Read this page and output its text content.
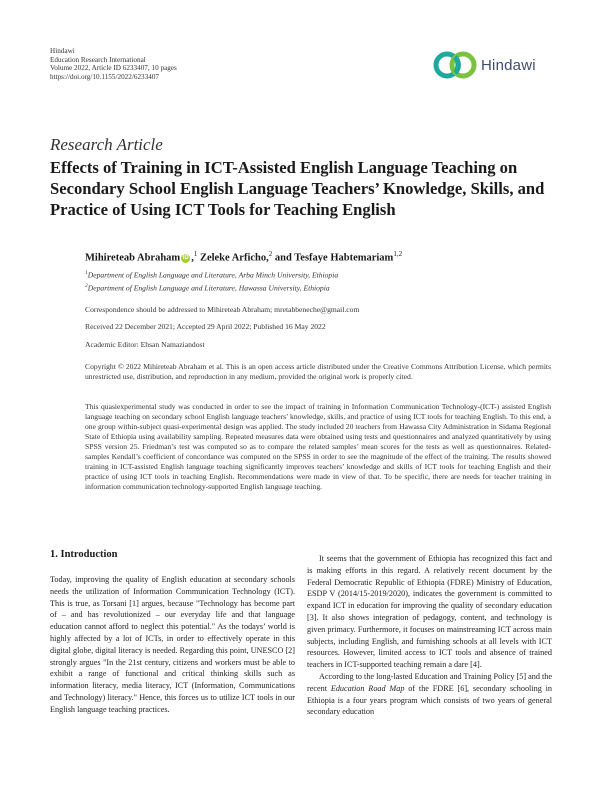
Hindawi
Education Research International
Volume 2022, Article ID 6233407, 10 pages
https://doi.org/10.1155/2022/6233407
Hindawi
Research Article
Effects of Training in ICT-Assisted English Language Teaching on Secondary School English Language Teachers’ Knowledge, Skills, and Practice of Using ICT Tools for Teaching English
Mihireteab Abraham iD ,$^1$ Zeleke Arficho,$^2$ and Tesfaye Habtemariam$^{1,2}$
$^1$Department of English Language and Literature, Arba Minch University, Ethiopia
$^2$Department of English Language and Literature, Hawassa University, Ethiopia
Correspondence should be addressed to Mihireteab Abraham; mretabbeneche@gmail.com
Received 22 December 2021; Accepted 29 April 2022; Published 16 May 2022
Academic Editor: Ehsan Namaziandost
Copyright © 2022 Mihireteab Abraham et al. This is an open access article distributed under the Creative Commons Attribution License, which permits unrestricted use, distribution, and reproduction in any medium, provided the original work is properly cited.
This quasiexperimental study was conducted in order to see the impact of training in Information Communication Technology-(ICT-) assisted English language teaching on secondary school English language teachers’ knowledge, skills, and practice of using ICT tools for teaching English. To this end, a one group within-subject quasi-experimental design was applied. The study included 20 teachers from Hawassa City Administration in Sidama Regional State of Ethiopia using availability sampling. Repeated measures data were obtained using tests and questionnaires and analyzed quantitatively by using SPSS version 25. Friedman’s test was computed so as to compare the related samples’ mean scores for the tests as well as questionnaires. Related-samples Kendall’s coefficient of concordance was computed on the SPSS in order to see the magnitude of the effect of the training. The results showed training in ICT-assisted English language teaching significantly improves teachers’ knowledge and skills of ICT tools for teaching English and their practice of using ICT tools in teaching English. Recommendations were made in view of that. To be specific, there are needs for teacher training in information communication technology-supported English language teaching.
1. Introduction

Today, improving the quality of English education at secondary schools needs the utilization of Information Communication Technology (ICT). This is true, as Torsani [1] argues, because "Technology has become part of – and has revolutionized – our everyday life and that language education cannot afford to neglect this potential." As the todays’ world is highly affected by a lot of ICTs, in order to effectively operate in this digital globe, digital literacy is needed. Regarding this point, UNESCO [2] strongly argues "In the 21st century, citizens and workers must be able to exhibit a range of functional and critical thinking skills such as information literacy, media literacy, ICT (Information, Communications and Technology) literacy." Hence, this forces us to utilize ICT tools in our English language teaching practices.

It seems that the government of Ethiopia has recognized this fact and is making efforts in this regard. A relatively recent document by the Federal Democratic Republic of Ethiopia (FDRE) Ministry of Education, ESDP V (2014/15-2019/2020), indicates the government is committed to expand ICT in education for improving the quality of secondary education [3]. It also shows integration of pedagogy, content, and technology is given primacy. Furthermore, it focuses on mainstreaming ICT across main subjects, including English, and furnishing schools at all levels with ICT resources. However, limited access to ICT tools and absence of trained teachers in ICT-supported teaching remain a dare [4].

According to the long-lasted Education and Training Policy [5] and the recent Education Road Map of the FDRE [6], secondary schooling in Ethiopia is a four years program which consists of two years of general secondary education
